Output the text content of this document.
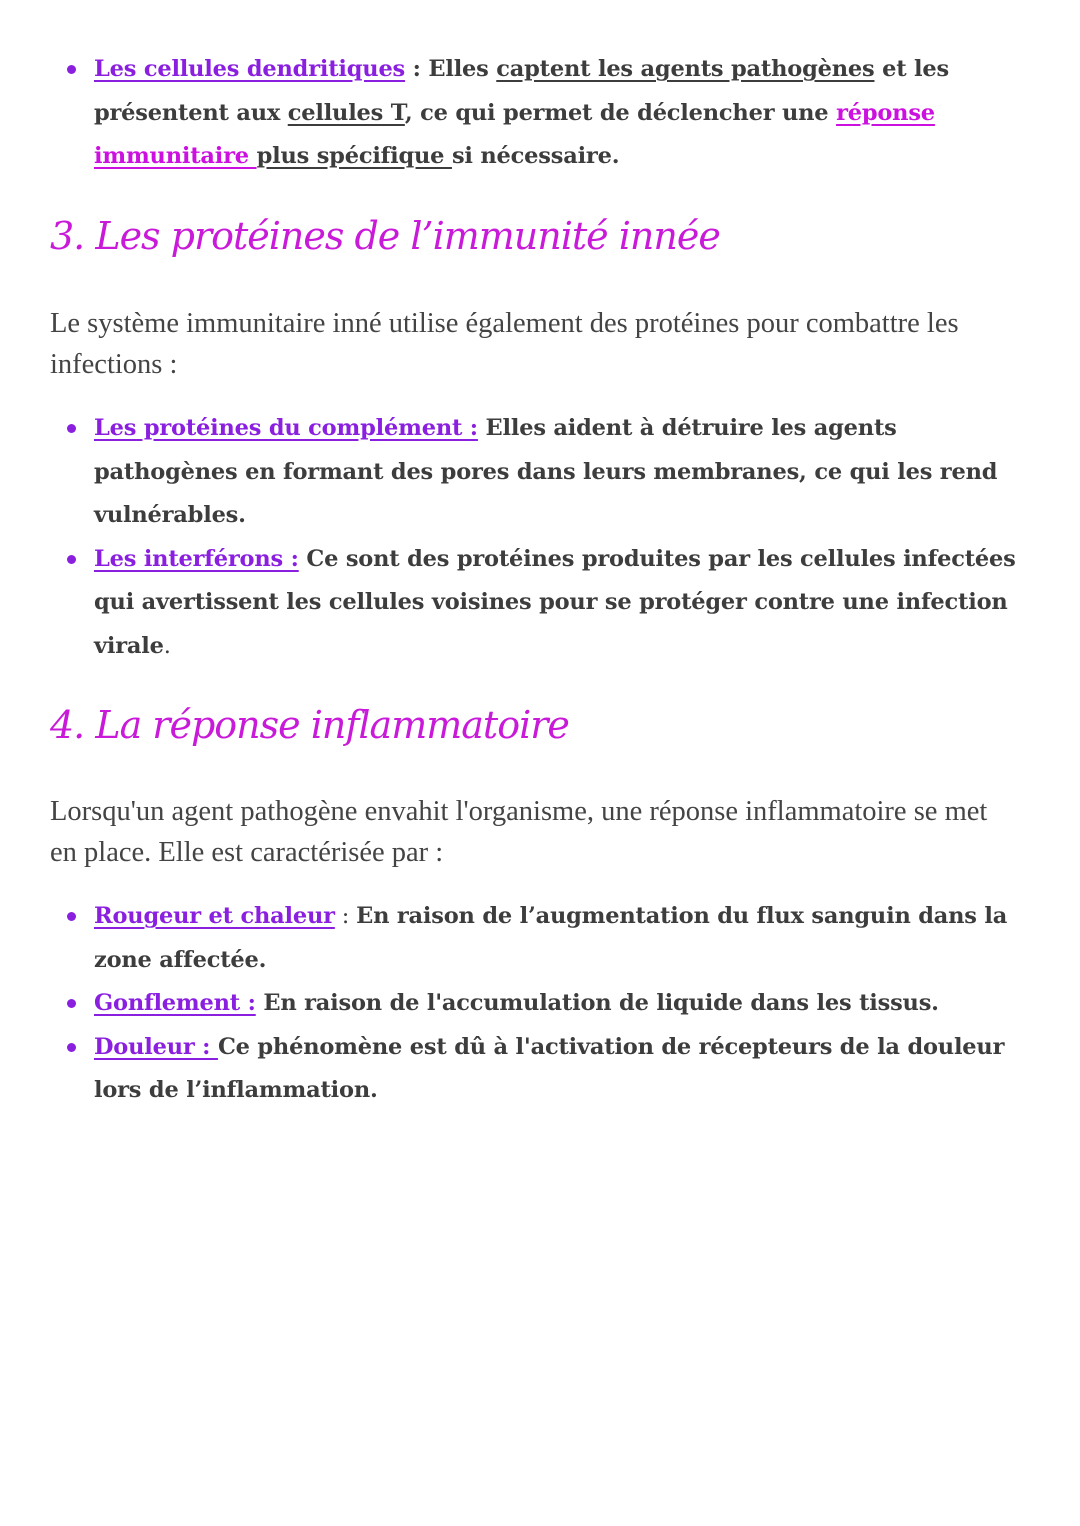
Les cellules dendritiques : Elles captent les agents pathogènes et les présentent aux cellules T, ce qui permet de déclencher une réponse immunitaire plus spécifique si nécessaire.
3. Les protéines de l’immunité innée

Le système immunitaire inné utilise également des protéines pour combattre les infections :

Les protéines du complément : Elles aident à détruire les agents pathogènes en formant des pores dans leurs membranes, ce qui les rend vulnérables.
Les interférons : Ce sont des protéines produites par les cellules infectées qui avertissent les cellules voisines pour se protéger contre une infection virale.
4. La réponse inflammatoire

Lorsqu'un agent pathogène envahit l'organisme, une réponse inflammatoire se met en place. Elle est caractérisée par :

Rougeur et chaleur : En raison de l’augmentation du flux sanguin dans la zone affectée.
Gonflement : En raison de l'accumulation de liquide dans les tissus.
Douleur : Ce phénomène est dû à l'activation de récepteurs de la douleur lors de l’inflammation.
